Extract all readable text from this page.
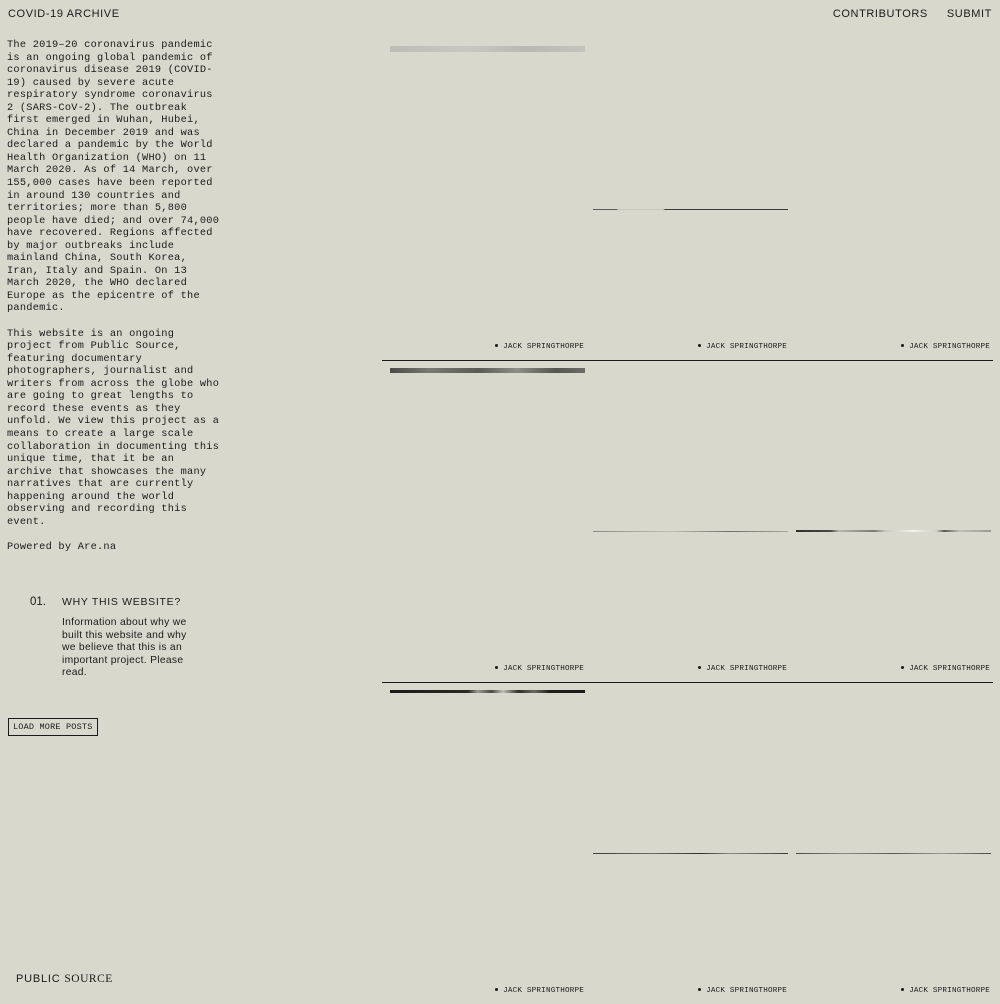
COVID-19 ARCHIVE	CONTRIBUTORS SUBMIT

The 2019–20 coronavirus pandemic is an ongoing global pandemic of coronavirus disease 2019 (COVID-19) caused by severe acute respiratory syndrome coronavirus 2 (SARS-CoV-2). The outbreak first emerged in Wuhan, Hubei, China in December 2019 and was declared a pandemic by the World Health Organization (WHO) on 11 March 2020. As of 14 March, over 155,000 cases have been reported in around 130 countries and territories; more than 5,800 people have died; and over 74,000 have recovered. Regions affected by major outbreaks include mainland China, South Korea, Iran, Italy and Spain. On 13 March 2020, the WHO declared Europe as the epicentre of the pandemic.

This website is an ongoing project from Public Source, featuring documentary photographers, journalist and writers from across the globe who are going to great lengths to record these events as they unfold. We view this project as a means to create a large scale collaboration in documenting this unique time, that it be an archive that showcases the many narratives that are currently happening around the world observing and recording this event.

Powered by Are.na

01. WHY THIS WEBSITE?
Information about why we built this website and why we believe that this is an important project. Please read.
LOAD MORE POSTS
PUBLIC SOURCE
JACK SPRINGTHORPE	JACK SPRINGTHORPE	JACK SPRINGTHORPE
JACK SPRINGTHORPE	JACK SPRINGTHORPE	JACK SPRINGTHORPE
JACK SPRINGTHORPE	JACK SPRINGTHORPE	JACK SPRINGTHORPE
